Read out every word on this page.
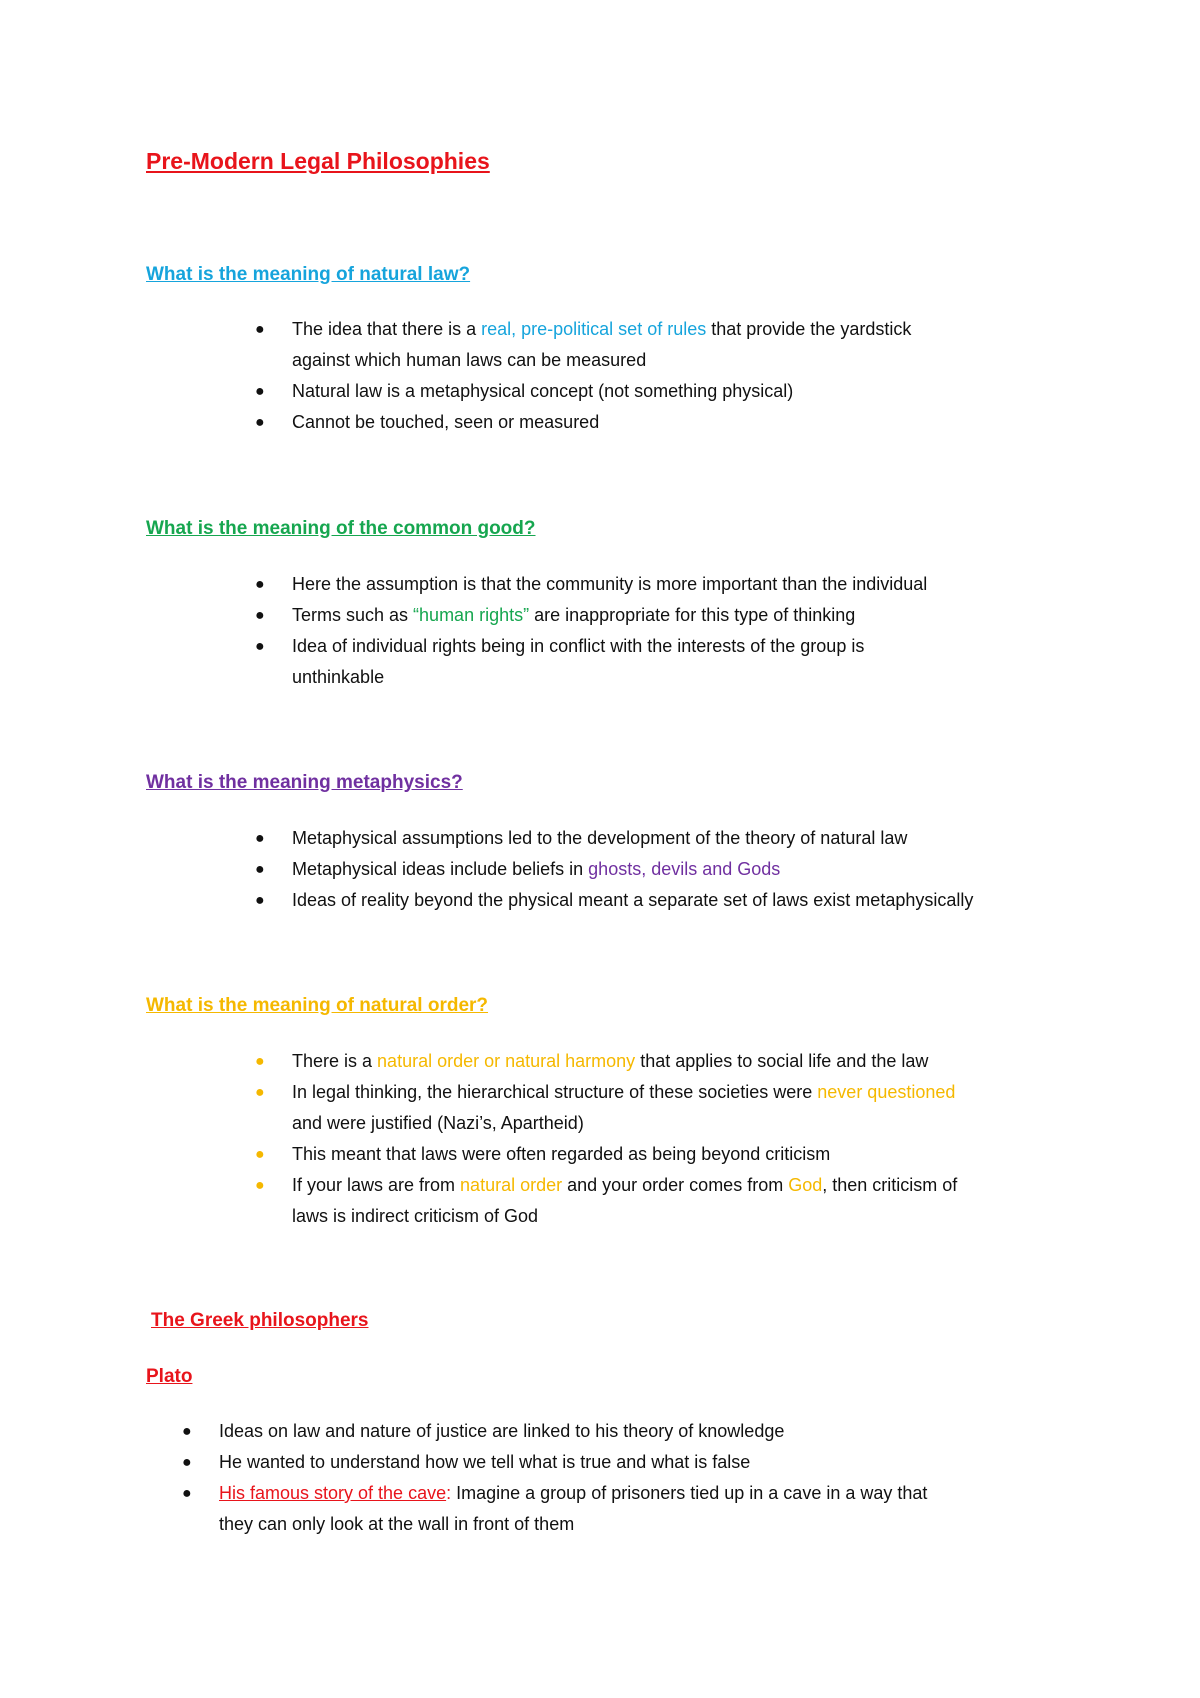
Pre-Modern Legal Philosophies
What is the meaning of natural law?
● The idea that there is a real, pre-political set of rules that provide the yardstick
against which human laws can be measured
● Natural law is a metaphysical concept (not something physical)
● Cannot be touched, seen or measured
What is the meaning of the common good?
● Here the assumption is that the community is more important than the individual
● Terms such as “human rights” are inappropriate for this type of thinking
● Idea of individual rights being in conflict with the interests of the group is
unthinkable
What is the meaning metaphysics?
● Metaphysical assumptions led to the development of the theory of natural law
● Metaphysical ideas include beliefs in ghosts, devils and Gods
● Ideas of reality beyond the physical meant a separate set of laws exist metaphysically
What is the meaning of natural order?
● There is a natural order or natural harmony that applies to social life and the law
● In legal thinking, the hierarchical structure of these societies were never questioned
and were justified (Nazi’s, Apartheid)
● This meant that laws were often regarded as being beyond criticism
● If your laws are from natural order and your order comes from God, then criticism of
laws is indirect criticism of God
The Greek philosophers
Plato
● Ideas on law and nature of justice are linked to his theory of knowledge
● He wanted to understand how we tell what is true and what is false
● His famous story of the cave: Imagine a group of prisoners tied up in a cave in a way that
they can only look at the wall in front of them
